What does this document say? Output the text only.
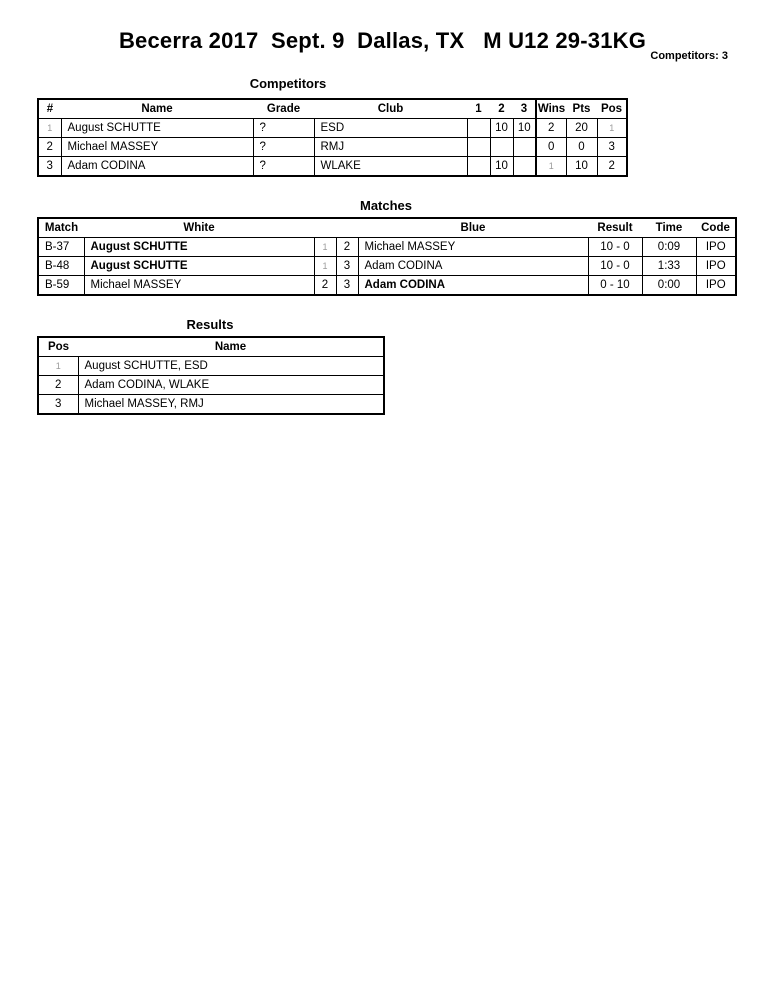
Becerra 2017  Sept. 9  Dallas, TX   M U12 29-31KG
Competitors: 3
Competitors
#	Name	Grade	Club	1	2	3	Wins	Pts	Pos
1	August SCHUTTE	?	ESD		10	10	2	20	1
2	Michael MASSEY	?	RMJ				0	0	3
3	Adam CODINA	?	WLAKE		10		1	10	2
Matches
Match	White			Blue	Result	Time	Code
B-37	August SCHUTTE	1	2	Michael MASSEY	10 - 0	0:09	IPO
B-48	August SCHUTTE	1	3	Adam CODINA	10 - 0	1:33	IPO
B-59	Michael MASSEY	2	3	Adam CODINA	0 - 10	0:00	IPO
Results
Pos	Name
1	August SCHUTTE, ESD
2	Adam CODINA, WLAKE
3	Michael MASSEY, RMJ
